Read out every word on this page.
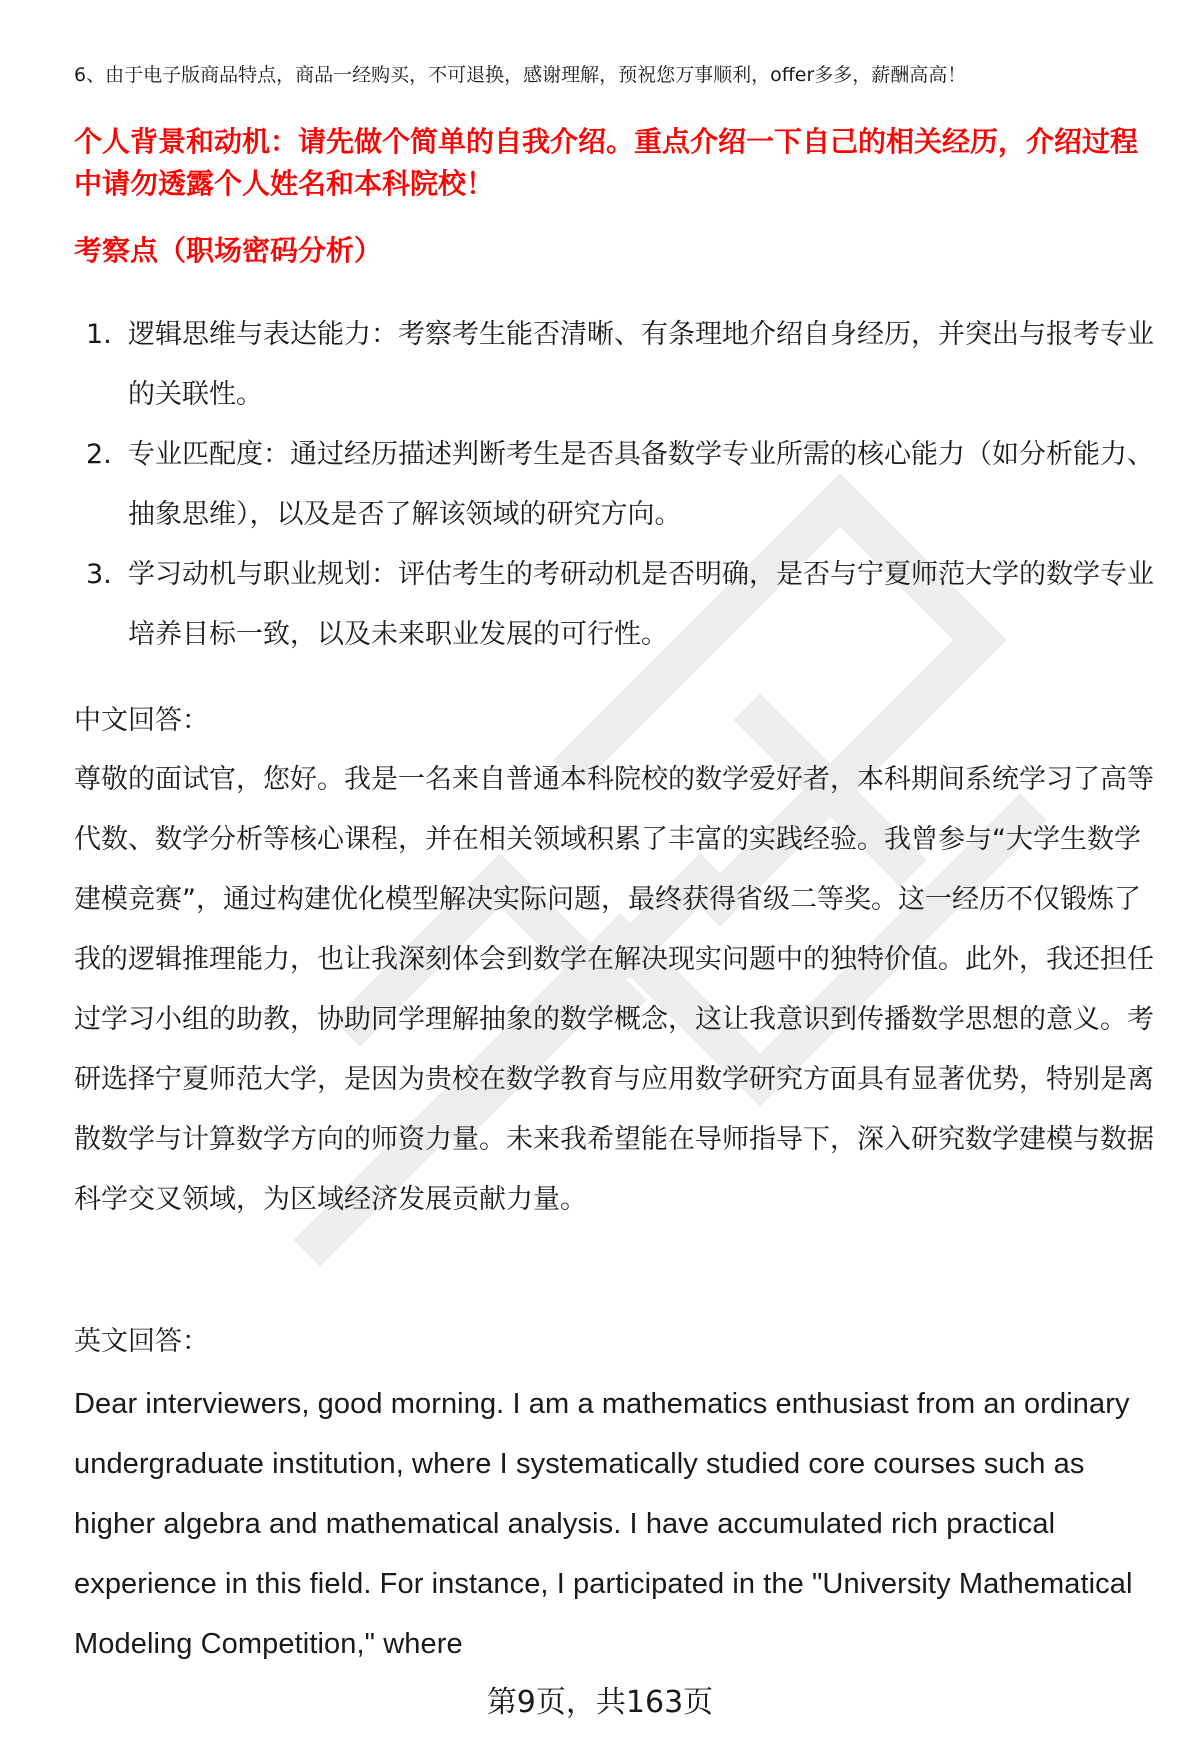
6、由于电子版商品特点，商品一经购买，不可退换，感谢理解，预祝您万事顺利，offer多多，薪酬高高！
个人背景和动机：请先做个简单的自我介绍。重点介绍一下自己的相关经历，介绍过程中请勿透露个人姓名和本科院校！
考察点（职场密码分析）
1. 逻辑思维与表达能力：考察考生能否清晰、有条理地介绍自身经历，并突出与报考专业的关联性。
2. 专业匹配度：通过经历描述判断考生是否具备数学专业所需的核心能力（如分析能力、抽象思维），以及是否了解该领域的研究方向。
3. 学习动机与职业规划：评估考生的考研动机是否明确，是否与宁夏师范大学的数学专业培养目标一致，以及未来职业发展的可行性。
中文回答：
尊敬的面试官，您好。我是一名来自普通本科院校的数学爱好者，本科期间系统学习了高等代数、数学分析等核心课程，并在相关领域积累了丰富的实践经验。我曾参与“大学生数学建模竞赛”，通过构建优化模型解决实际问题，最终获得省级二等奖。这一经历不仅锻炼了我的逻辑推理能力，也让我深刻体会到数学在解决现实问题中的独特价值。此外，我还担任过学习小组的助教，协助同学理解抽象的数学概念，这让我意识到传播数学思想的意义。考研选择宁夏师范大学，是因为贵校在数学教育与应用数学研究方面具有显著优势，特别是离散数学与计算数学方向的师资力量。未来我希望能在导师指导下，深入研究数学建模与数据科学交叉领域，为区域经济发展贡献力量。
英文回答：
Dear interviewers, good morning. I am a mathematics enthusiast from an ordinary undergraduate institution, where I systematically studied core courses such as higher algebra and mathematical analysis. I have accumulated rich practical experience in this field. For instance, I participated in the "University Mathematical Modeling Competition," where
第9页，共163页
